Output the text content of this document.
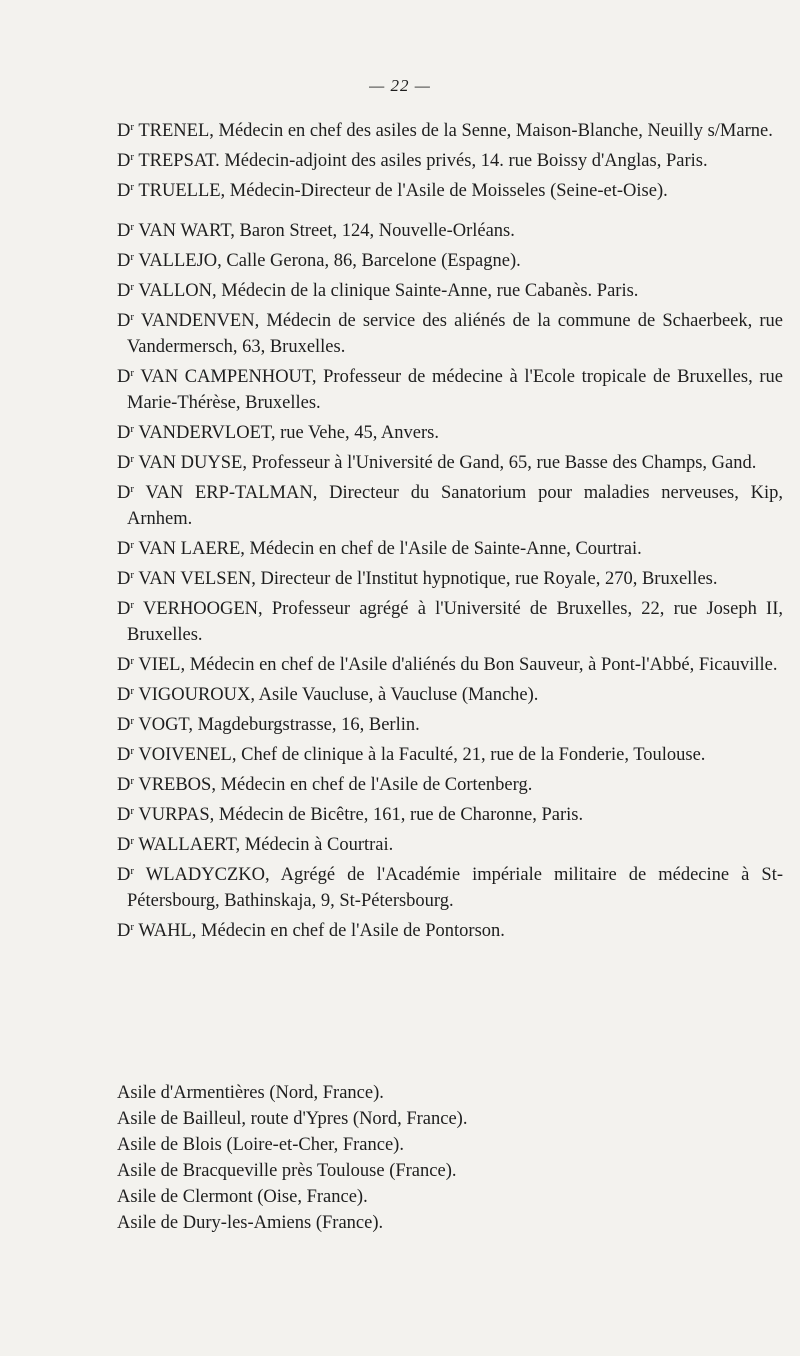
— 22 —
$D^r$ TRENEL, Médecin en chef des asiles de la Senne, Maison-Blanche, Neuilly s/Marne.
$D^r$ TREPSAT. Médecin-adjoint des asiles privés, 14. rue Boissy d'Anglas, Paris.
$D^r$ TRUELLE, Médecin-Directeur de l'Asile de Moisseles (Seine-et-Oise).
$D^r$ VAN WART, Baron Street, 124, Nouvelle-Orléans.
$D^r$ VALLEJO, Calle Gerona, 86, Barcelone (Espagne).
$D^r$ VALLON, Médecin de la clinique Sainte-Anne, rue Cabanès. Paris.
$D^r$ VANDENVEN, Médecin de service des aliénés de la commune de Schaerbeek, rue Vandermersch, 63, Bruxelles.
$D^r$ VAN CAMPENHOUT, Professeur de médecine à l'Ecole tropicale de Bruxelles, rue Marie-Thérèse, Bruxelles.
$D^r$ VANDERVLOET, rue Vehe, 45, Anvers.
$D^r$ VAN DUYSE, Professeur à l'Université de Gand, 65, rue Basse des Champs, Gand.
$D^r$ VAN ERP-TALMAN, Directeur du Sanatorium pour maladies nerveuses, Kip, Arnhem.
$D^r$ VAN LAERE, Médecin en chef de l'Asile de Sainte-Anne, Courtrai.
$D^r$ VAN VELSEN, Directeur de l'Institut hypnotique, rue Royale, 270, Bruxelles.
$D^r$ VERHOOGEN, Professeur agrégé à l'Université de Bruxelles, 22, rue Joseph II, Bruxelles.
$D^r$ VIEL, Médecin en chef de l'Asile d'aliénés du Bon Sauveur, à Pont-l'Abbé, Ficauville.
$D^r$ VIGOUROUX, Asile Vaucluse, à Vaucluse (Manche).
$D^r$ VOGT, Magdeburgstrasse, 16, Berlin.
$D^r$ VOIVENEL, Chef de clinique à la Faculté, 21, rue de la Fonderie, Toulouse.
$D^r$ VREBOS, Médecin en chef de l'Asile de Cortenberg.
$D^r$ VURPAS, Médecin de Bicêtre, 161, rue de Charonne, Paris.
$D^r$ WALLAERT, Médecin à Courtrai.
$D^r$ WLADYCZKO, Agrégé de l'Académie impériale militaire de médecine à St-Pétersbourg, Bathinskaja, 9, St-Pétersbourg.
$D^r$ WAHL, Médecin en chef de l'Asile de Pontorson.
Asile d'Armentières (Nord, France).
Asile de Bailleul, route d'Ypres (Nord, France).
Asile de Blois (Loire-et-Cher, France).
Asile de Bracqueville près Toulouse (France).
Asile de Clermont (Oise, France).
Asile de Dury-les-Amiens (France).
